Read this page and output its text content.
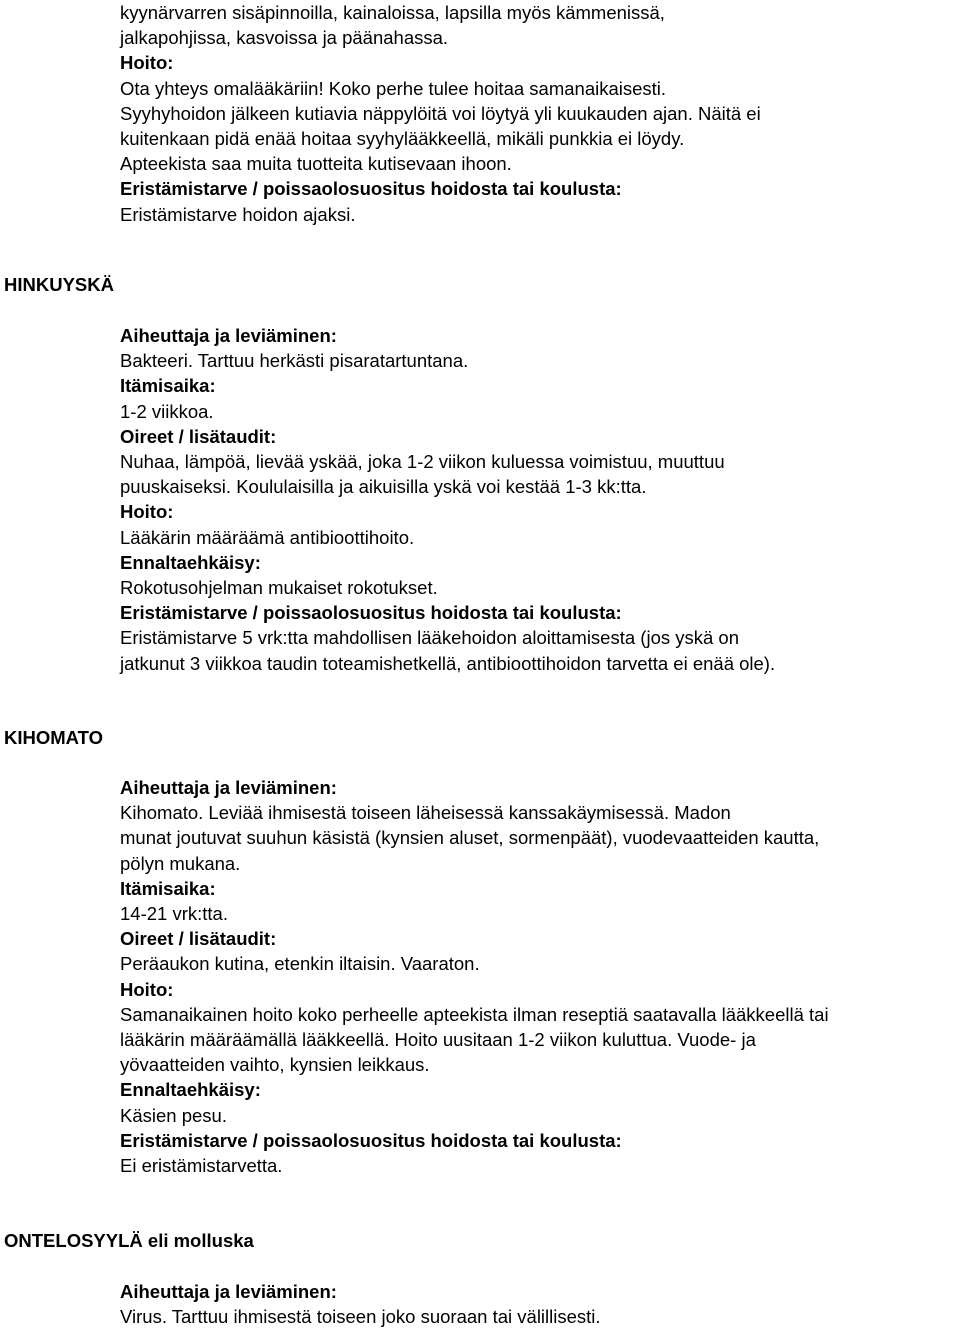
kyynärvarren sisäpinnoilla, kainaloissa, lapsilla myös kämmenissä,
jalkapohjissa, kasvoissa ja päänahassa.
Hoito:
Ota yhteys omalääkäriin! Koko perhe tulee hoitaa samanaikaisesti.
Syyhyhoidon jälkeen kutiavia näppylöitä voi löytyä yli kuukauden ajan. Näitä ei
kuitenkaan pidä enää hoitaa syyhylääkkeellä, mikäli punkkia ei löydy.
Apteekista saa muita tuotteita kutisevaan ihoon.
Eristämistarve / poissaolosuositus hoidosta tai koulusta:
Eristämistarve hoidon ajaksi.
HINKUYSKÄ
Aiheuttaja ja leviäminen:
Bakteeri. Tarttuu herkästi pisaratartuntana.
Itämisaika:
1-2 viikkoa.
Oireet / lisätaudit:
Nuhaa, lämpöä, lievää yskää, joka 1-2 viikon kuluessa voimistuu, muuttuu
puuskaiseksi. Koululaisilla ja aikuisilla yskä voi kestää 1-3 kk:tta.
Hoito:
Lääkärin määräämä antibioottihoito.
Ennaltaehkäisy:
Rokotusohjelman mukaiset rokotukset.
Eristämistarve / poissaolosuositus hoidosta tai koulusta:
Eristämistarve 5 vrk:tta mahdollisen lääkehoidon aloittamisesta (jos yskä on
jatkunut 3 viikkoa taudin toteamishetkellä, antibioottihoidon tarvetta ei enää ole).
KIHOMATO
Aiheuttaja ja leviäminen:
Kihomato. Leviää ihmisestä toiseen läheisessä kanssakäymisessä. Madon
munat joutuvat suuhun käsistä (kynsien aluset, sormenpäät), vuodevaatteiden kautta,
pölyn mukana.
Itämisaika:
14-21 vrk:tta.
Oireet / lisätaudit:
Peräaukon kutina, etenkin iltaisin. Vaaraton.
Hoito:
Samanaikainen hoito koko perheelle apteekista ilman reseptiä saatavalla lääkkeellä tai
lääkärin määräämällä lääkkeellä. Hoito uusitaan 1-2 viikon kuluttua. Vuode- ja
yövaatteiden vaihto, kynsien leikkaus.
Ennaltaehkäisy:
Käsien pesu.
Eristämistarve / poissaolosuositus hoidosta tai koulusta:
Ei eristämistarvetta.
ONTELOSYYLÄ eli molluska
Aiheuttaja ja leviäminen:
Virus. Tarttuu ihmisestä toiseen joko suoraan tai välillisesti.
